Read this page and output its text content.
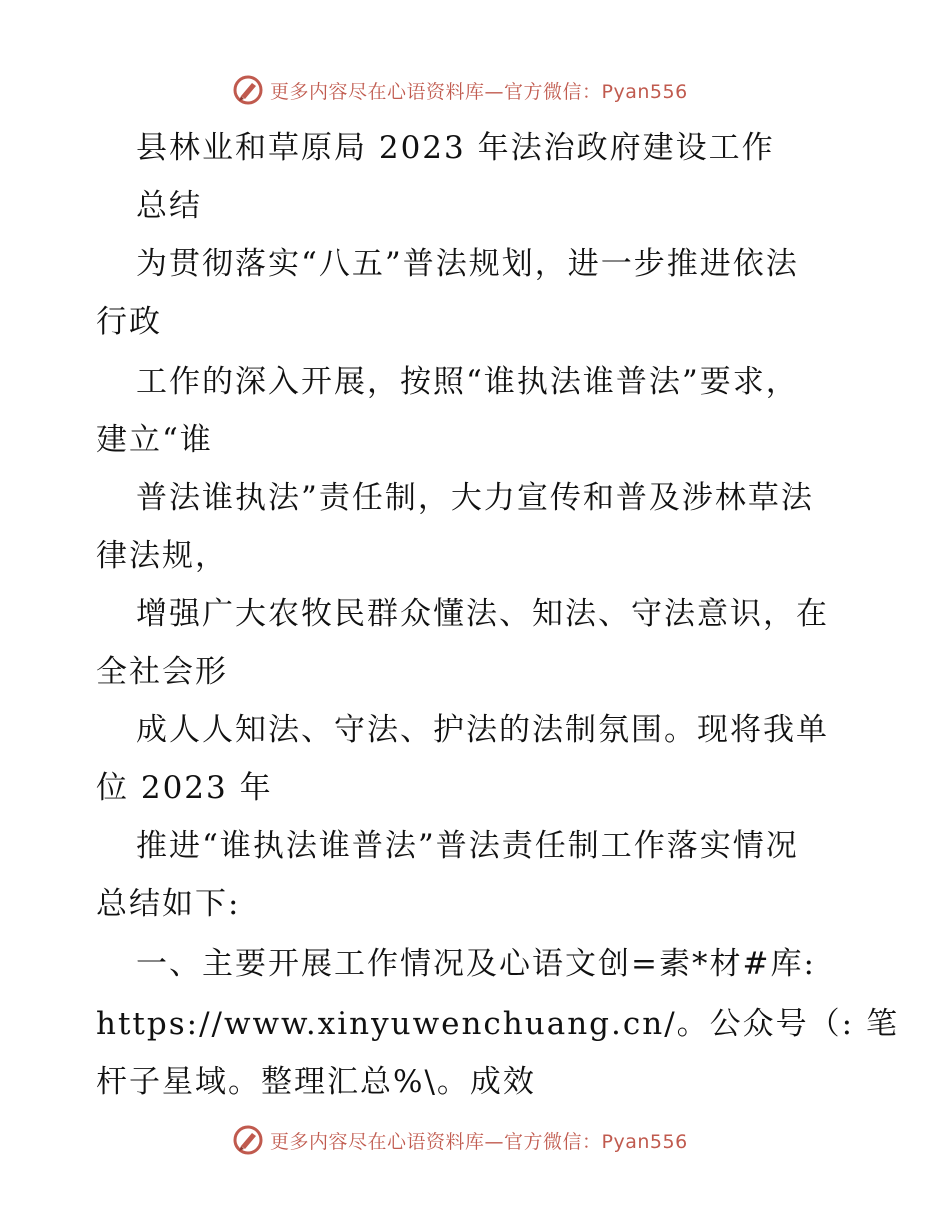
更多内容尽在心语资料库—官方微信：Pyan556
县林业和草原局 2023 年法治政府建设工作
总结
为贯彻落实“八五”普法规划，进一步推进依法
行政
工作的深入开展，按照“谁执法谁普法”要求，
建立“谁
普法谁执法”责任制，大力宣传和普及涉林草法
律法规，
增强广大农牧民群众懂法、知法、守法意识，在
全社会形
成人人知法、守法、护法的法制氛围。现将我单
位 2023 年
推进“谁执法谁普法”普法责任制工作落实情况
总结如下:
一、主要开展工作情况及心语文创=素*材#库:
https://www.xinyuwenchuang.cn/。公众号（: 笔
杆子星域。整理汇总%\。成效
更多内容尽在心语资料库—官方微信：Pyan556
